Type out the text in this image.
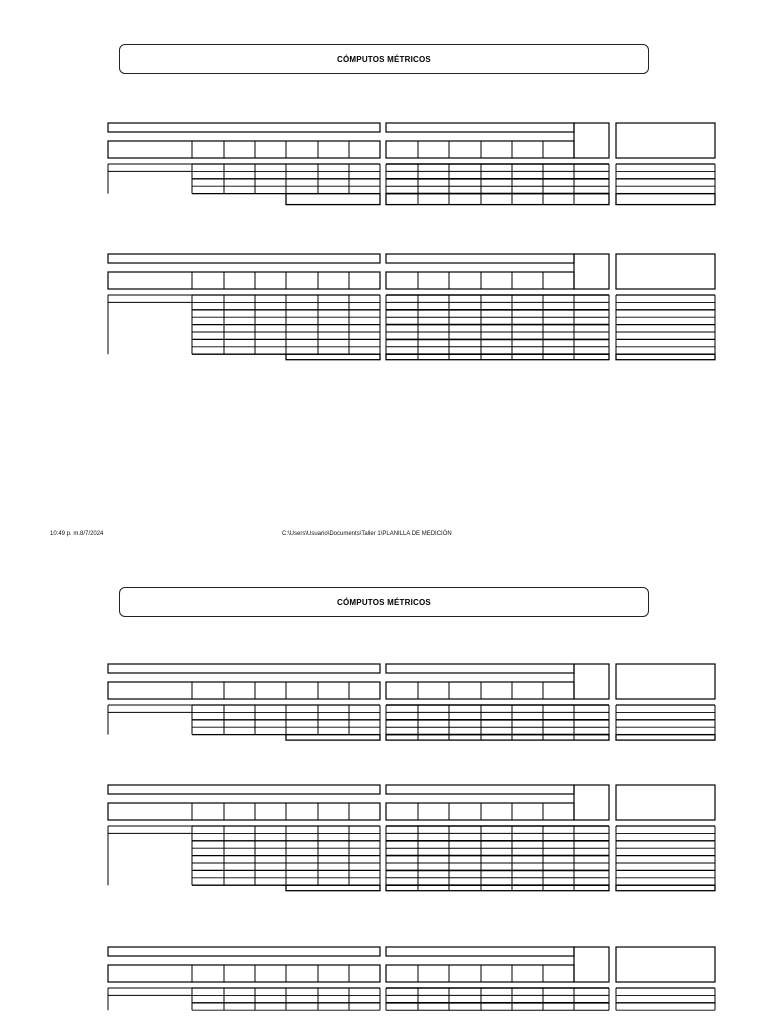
CÓMPUTOS MÉTRICOS
10:49 p. m.8/7/2024	C:\Users\Usuario\Documents\Taller 1\PLANILLA DE MEDICIÓN
CÓMPUTOS MÉTRICOS
